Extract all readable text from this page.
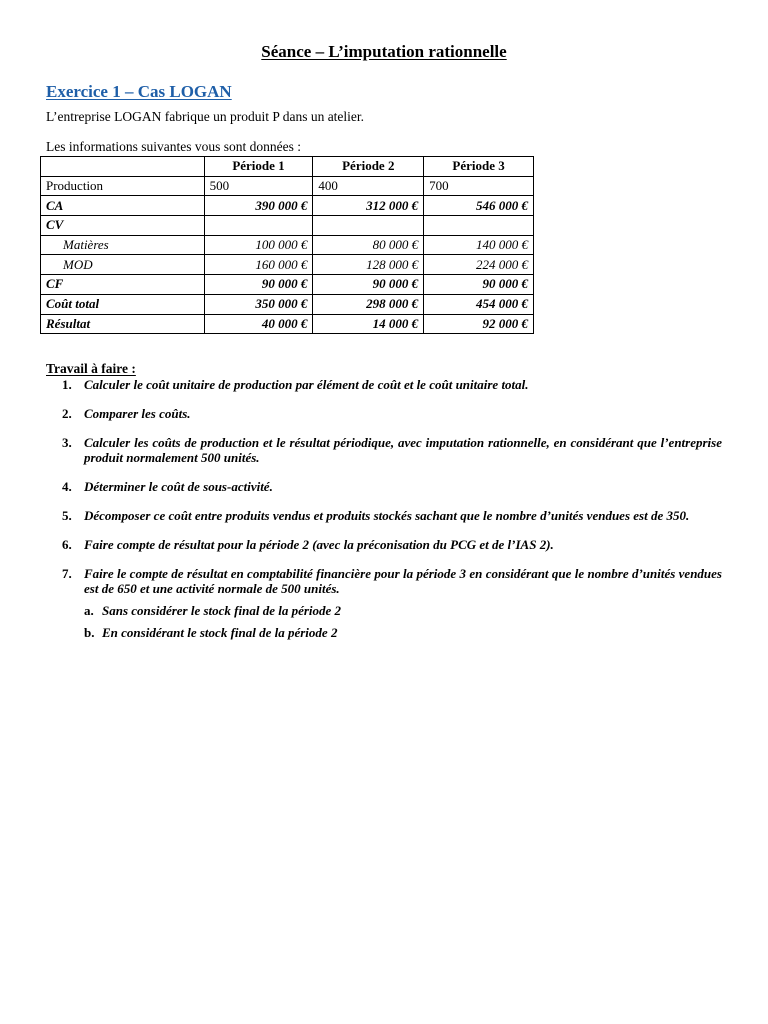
Séance – L’imputation rationnelle
Exercice 1 – Cas LOGAN
L’entreprise LOGAN fabrique un produit P dans un atelier.
Les informations suivantes vous sont données :
	Période 1	Période 2	Période 3
Production	500	400	700
CA	390 000 €	312 000 €	546 000 €
CV			
Matières	100 000 €	80 000 €	140 000 €
MOD	160 000 €	128 000 €	224 000 €
CF	90 000 €	90 000 €	90 000 €
Coût total	350 000 €	298 000 €	454 000 €
Résultat	40 000 €	14 000 €	92 000 €
Travail à faire :
1. Calculer le coût unitaire de production par élément de coût et le coût unitaire total.
2. Comparer les coûts.
3. Calculer les coûts de production et le résultat périodique, avec imputation rationnelle, en considérant que l’entreprise produit normalement 500 unités.
4. Déterminer le coût de sous-activité.
5. Décomposer ce coût entre produits vendus et produits stockés sachant que le nombre d’unités vendues est de 350.
6. Faire compte de résultat pour la période 2 (avec la préconisation du PCG et de l’IAS 2).
7. Faire le compte de résultat en comptabilité financière pour la période 3 en considérant que le nombre d’unités vendues est de 650 et une activité normale de 500 unités.
a. Sans considérer le stock final de la période 2
b. En considérant le stock final de la période 2
